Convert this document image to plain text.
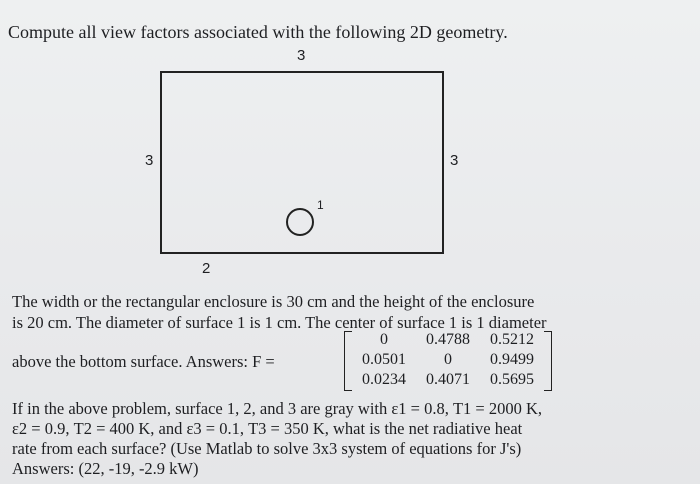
Compute all view factors associated with the following 2D geometry.
3
3	3
1
2
The width or the rectangular enclosure is 30 cm and the height of the enclosure
is 20 cm. The diameter of surface 1 is 1 cm. The center of surface 1 is 1 diameter
above the bottom surface. Answers: F =
0	0.4788	0.5212
0.0501	0	0.9499
0.0234	0.4071	0.5695
If in the above problem, surface 1, 2, and 3 are gray with ε1 = 0.8, T1 = 2000 K,
ε2 = 0.9, T2 = 400 K, and ε3 = 0.1, T3 = 350 K, what is the net radiative heat
rate from each surface? (Use Matlab to solve 3x3 system of equations for J's)
Answers: (22, -19, -2.9 kW)
